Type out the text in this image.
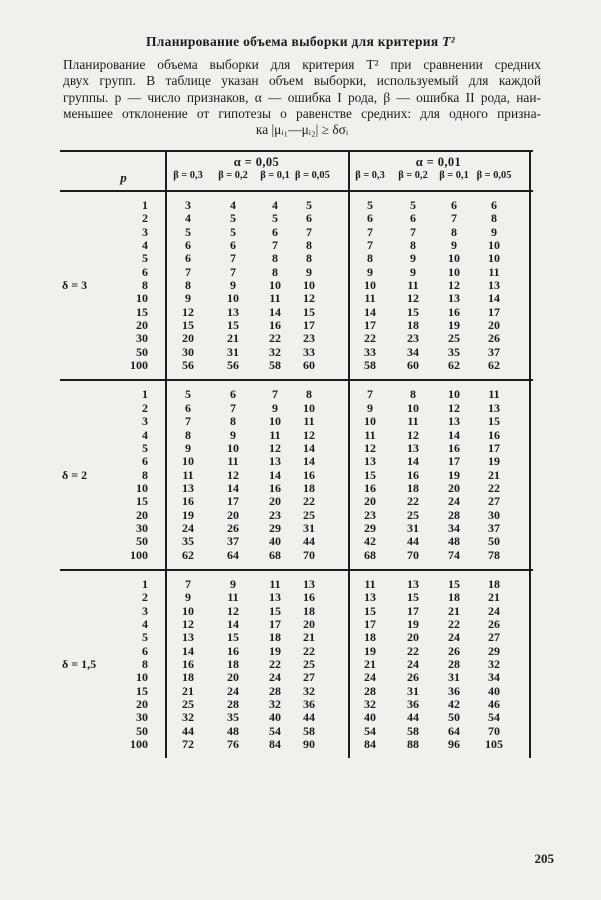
Планирование объема выборки для критерия T²
Планирование объема выборки для критерия T² при сравнении средних
двух групп. В таблице указан объем выборки, используемый для каждой
группы. p — число признаков, α — ошибка I рода, β — ошибка II рода, наи-
меньшее отклонение от гипотезы о равенстве средних: для одного призна-
ка |μᵢ₁—μᵢ₂| ≥ δσᵢ
p
α = 0,05	α = 0,01
β = 0,3	β = 0,2	β = 0,1 β = 0,05	β = 0,3	β = 0,2	β = 0,1 β = 0,05
1	3	4	4	5	5	5	6	6
2	4	5	5	6	6	6	7	8
3	5	5	6	7	7	7	8	9
4	6	6	7	8	7	8	9	10
5	6	7	8	8	8	9	10	10
6	7	7	8	9	9	9	10	11
δ = 3	8	8	9	10	10	10	11	12	13
10	9	10	11	12	11	12	13	14
15	12	13	14	15	14	15	16	17
20	15	15	16	17	17	18	19	20
30	20	21	22	23	22	23	25	26
50	30	31	32	33	33	34	35	37
100	56	56	58	60	58	60	62	62
1	5	6	7	8	7	8	10	11
2	6	7	9	10	9	10	12	13
3	7	8	10	11	10	11	13	15
4	8	9	11	12	11	12	14	16
5	9	10	12	14	12	13	16	17
6	10	11	13	14	13	14	17	19
δ = 2	8	11	12	14	16	15	16	19	21
10	13	14	16	18	16	18	20	22
15	16	17	20	22	20	22	24	27
20	19	20	23	25	23	25	28	30
30	24	26	29	31	29	31	34	37
50	35	37	40	44	42	44	48	50
100	62	64	68	70	68	70	74	78
1	7	9	11	13	11	13	15	18
2	9	11	13	16	13	15	18	21
3	10	12	15	18	15	17	21	24
4	12	14	17	20	17	19	22	26
5	13	15	18	21	18	20	24	27
6	14	16	19	22	19	22	26	29
δ = 1,5	8	16	18	22	25	21	24	28	32
10	18	20	24	27	24	26	31	34
15	21	24	28	32	28	31	36	40
20	25	28	32	36	32	36	42	46
30	32	35	40	44	40	44	50	54
50	44	48	54	58	54	58	64	70
100	72	76	84	90	84	88	96	105
205
